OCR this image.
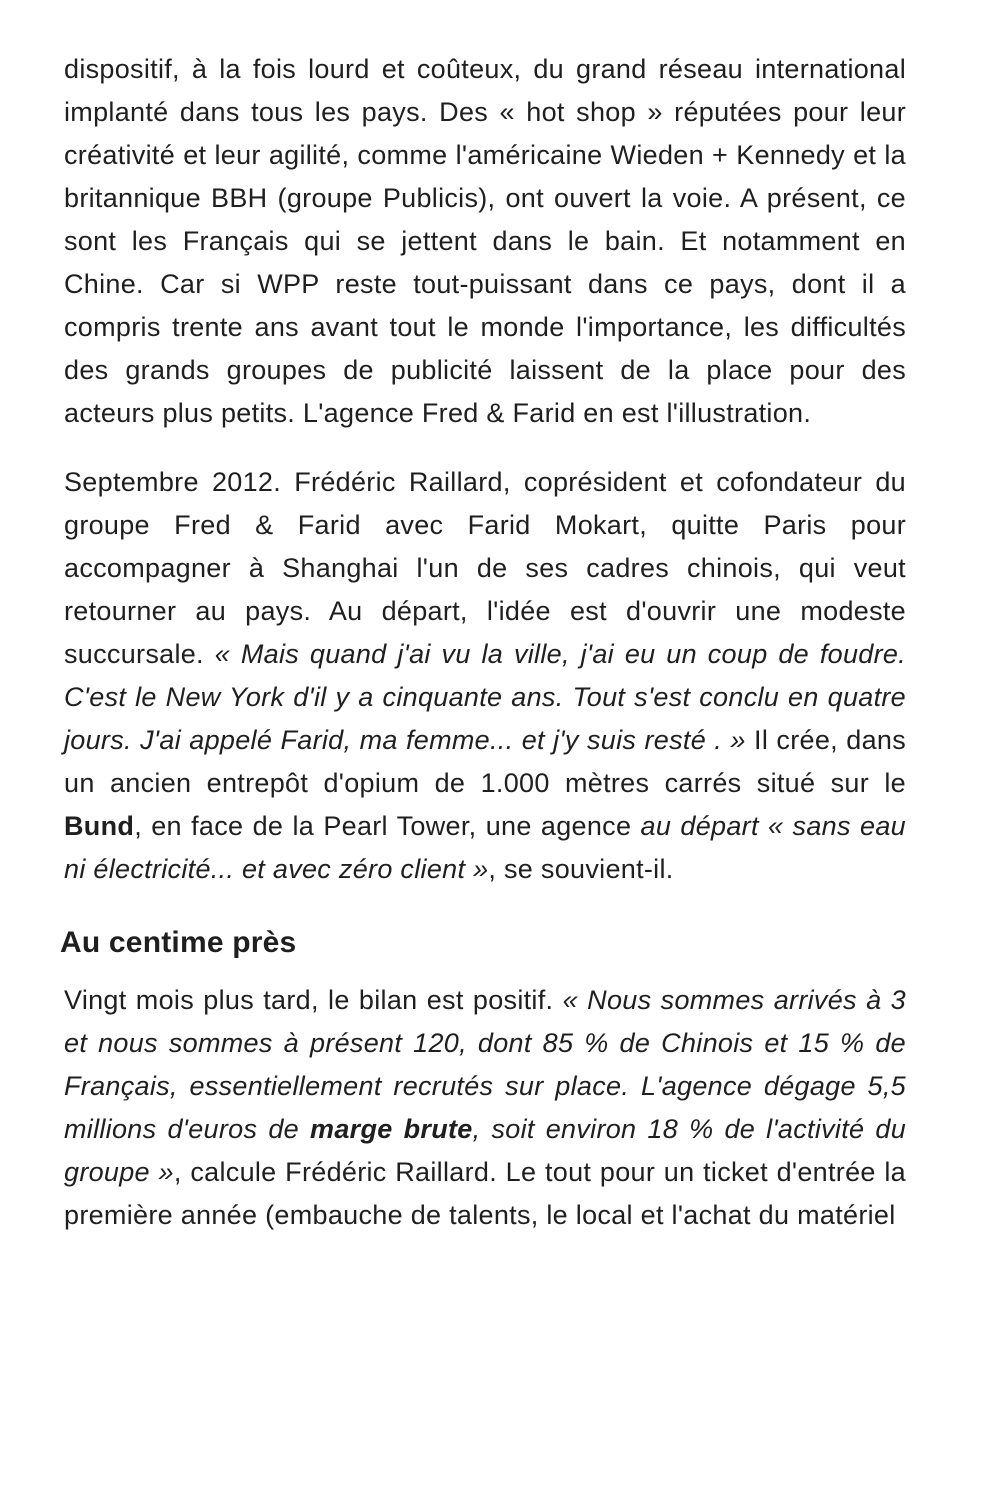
dispositif, à la fois lourd et coûteux, du grand réseau international implanté dans tous les pays. Des « hot shop » réputées pour leur créativité et leur agilité, comme l'américaine Wieden + Kennedy et la britannique BBH (groupe Publicis), ont ouvert la voie. A présent, ce sont les Français qui se jettent dans le bain. Et notamment en Chine. Car si WPP reste tout-puissant dans ce pays, dont il a compris trente ans avant tout le monde l'importance, les difficultés des grands groupes de publicité laissent de la place pour des acteurs plus petits. L'agence Fred & Farid en est l'illustration.

Septembre 2012. Frédéric Raillard, coprésident et cofondateur du groupe Fred & Farid avec Farid Mokart, quitte Paris pour accompagner à Shanghai l'un de ses cadres chinois, qui veut retourner au pays. Au départ, l'idée est d'ouvrir une modeste succursale. « Mais quand j'ai vu la ville, j'ai eu un coup de foudre. C'est le New York d'il y a cinquante ans. Tout s'est conclu en quatre jours. J'ai appelé Farid, ma femme... et j'y suis resté . » Il crée, dans un ancien entrepôt d'opium de 1.000 mètres carrés situé sur le Bund, en face de la Pearl Tower, une agence au départ « sans eau ni électricité... et avec zéro client », se souvient-il.

Au centime près

Vingt mois plus tard, le bilan est positif. « Nous sommes arrivés à 3 et nous sommes à présent 120, dont 85 % de Chinois et 15 % de Français, essentiellement recrutés sur place. L'agence dégage 5,5 millions d'euros de marge brute, soit environ 18 % de l'activité du groupe », calcule Frédéric Raillard. Le tout pour un ticket d'entrée la première année (embauche de talents, le local et l'achat du matériel
